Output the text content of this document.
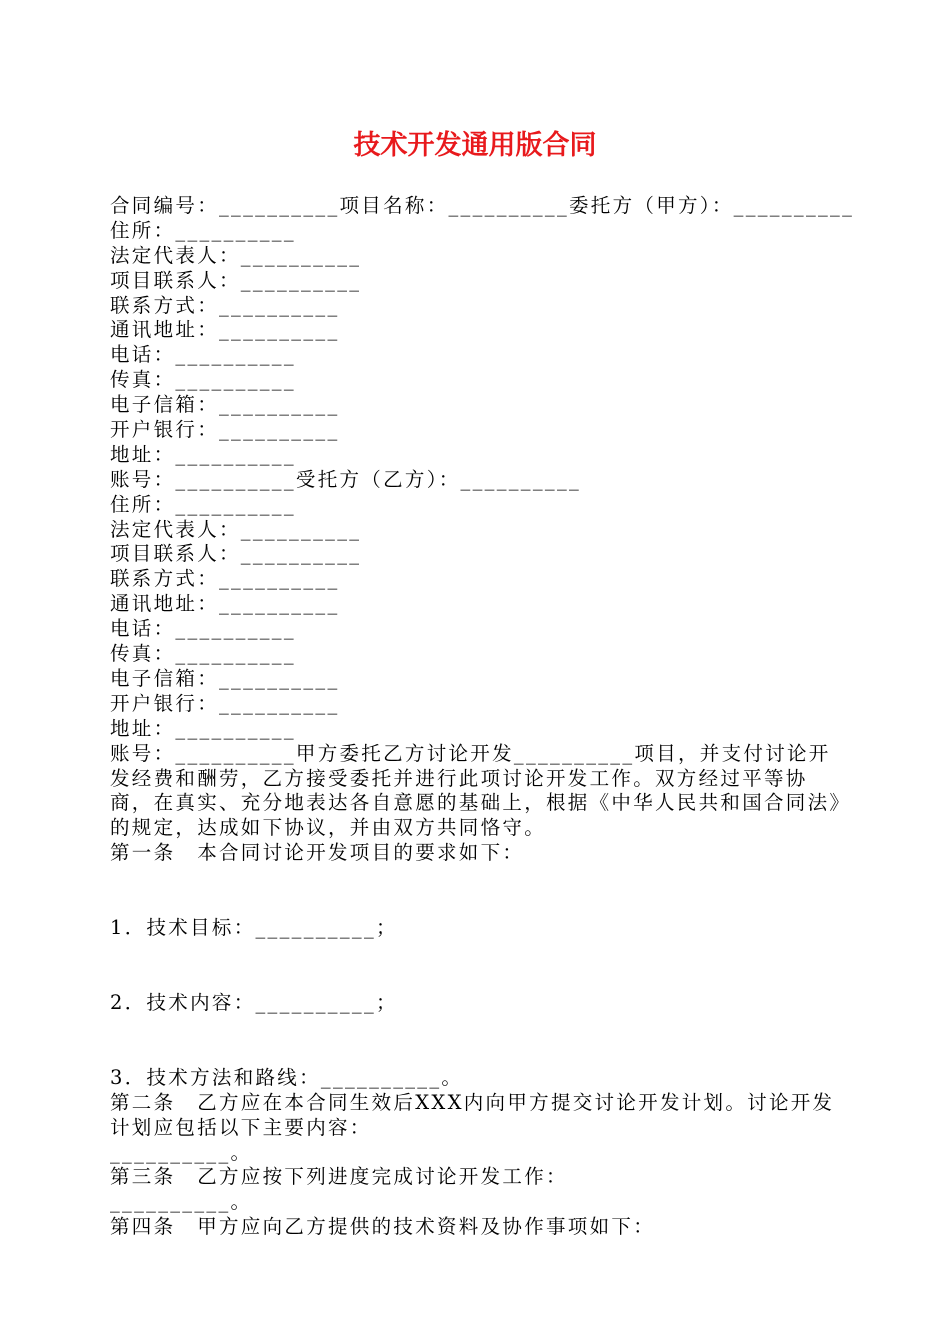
技术开发通用版合同
合同编号：__________项目名称：__________委托方（甲方）：__________
住所：__________
法定代表人：__________
项目联系人：__________
联系方式：__________
通讯地址：__________
电话：__________
传真：__________
电子信箱：__________
开户银行：__________
地址：__________
账号：__________受托方（乙方）：__________
住所：__________
法定代表人：__________
项目联系人：__________
联系方式：__________
通讯地址：__________
电话：__________
传真：__________
电子信箱：__________
开户银行：__________
地址：__________
账号：__________甲方委托乙方讨论开发__________项目，并支付讨论开发经费和酬劳，乙方接受委托并进行此项讨论开发工作。双方经过平等协商，在真实、充分地表达各自意愿的基础上，根据《中华人民共和国合同法》的规定，达成如下协议，并由双方共同恪守。
第一条　本合同讨论开发项目的要求如下：
1．技术目标：__________；
2．技术内容：__________；
3．技术方法和路线：__________。
第二条　乙方应在本合同生效后XXX内向甲方提交讨论开发计划。讨论开发计划应包括以下主要内容：
__________。
第三条　乙方应按下列进度完成讨论开发工作：
__________。
第四条　甲方应向乙方提供的技术资料及协作事项如下：
